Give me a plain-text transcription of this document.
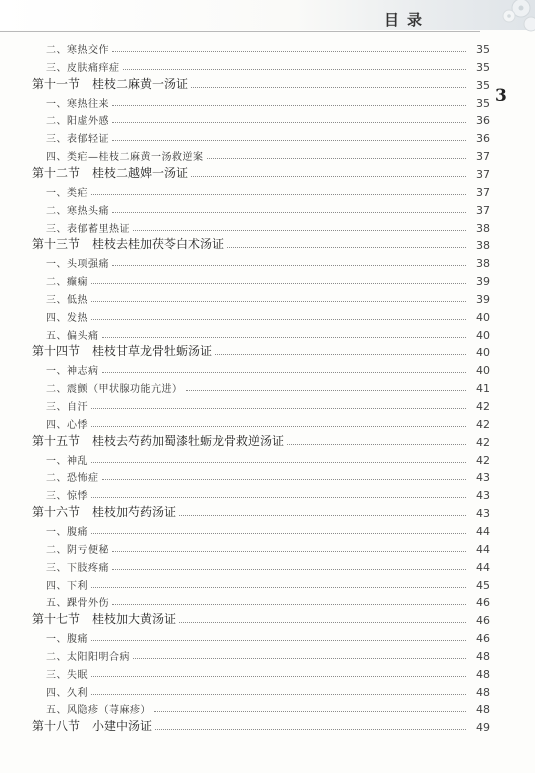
目录
3
二、寒热交作	35
三、皮肤痛痒症	35
第十一节　桂枝二麻黄一汤证	35
一、寒热往来	35
二、阳虚外感	36
三、表郁轻证	36
四、类疟—桂枝二麻黄一汤救逆案	37
第十二节　桂枝二越婢一汤证	37
一、类疟	37
二、寒热头痛	37
三、表郁蓄里热证	38
第十三节　桂枝去桂加茯苓白术汤证	38
一、头项强痛	38
二、癫痫	39
三、低热	39
四、发热	40
五、偏头痛	40
第十四节　桂枝甘草龙骨牡蛎汤证	40
一、神志病	40
二、震颤（甲状腺功能亢进）	41
三、自汗	42
四、心悸	42
第十五节　桂枝去芍药加蜀漆牡蛎龙骨救逆汤证	42
一、神乱	42
二、恐怖症	43
三、惊悸	43
第十六节　桂枝加芍药汤证	43
一、腹痛	44
二、阴亏便秘	44
三、下肢疼痛	44
四、下利	45
五、踝骨外伤	46
第十七节　桂枝加大黄汤证	46
一、腹痛	46
二、太阳阳明合病	48
三、失眠	48
四、久利	48
五、风隐疹（荨麻疹）	48
第十八节　小建中汤证	49
